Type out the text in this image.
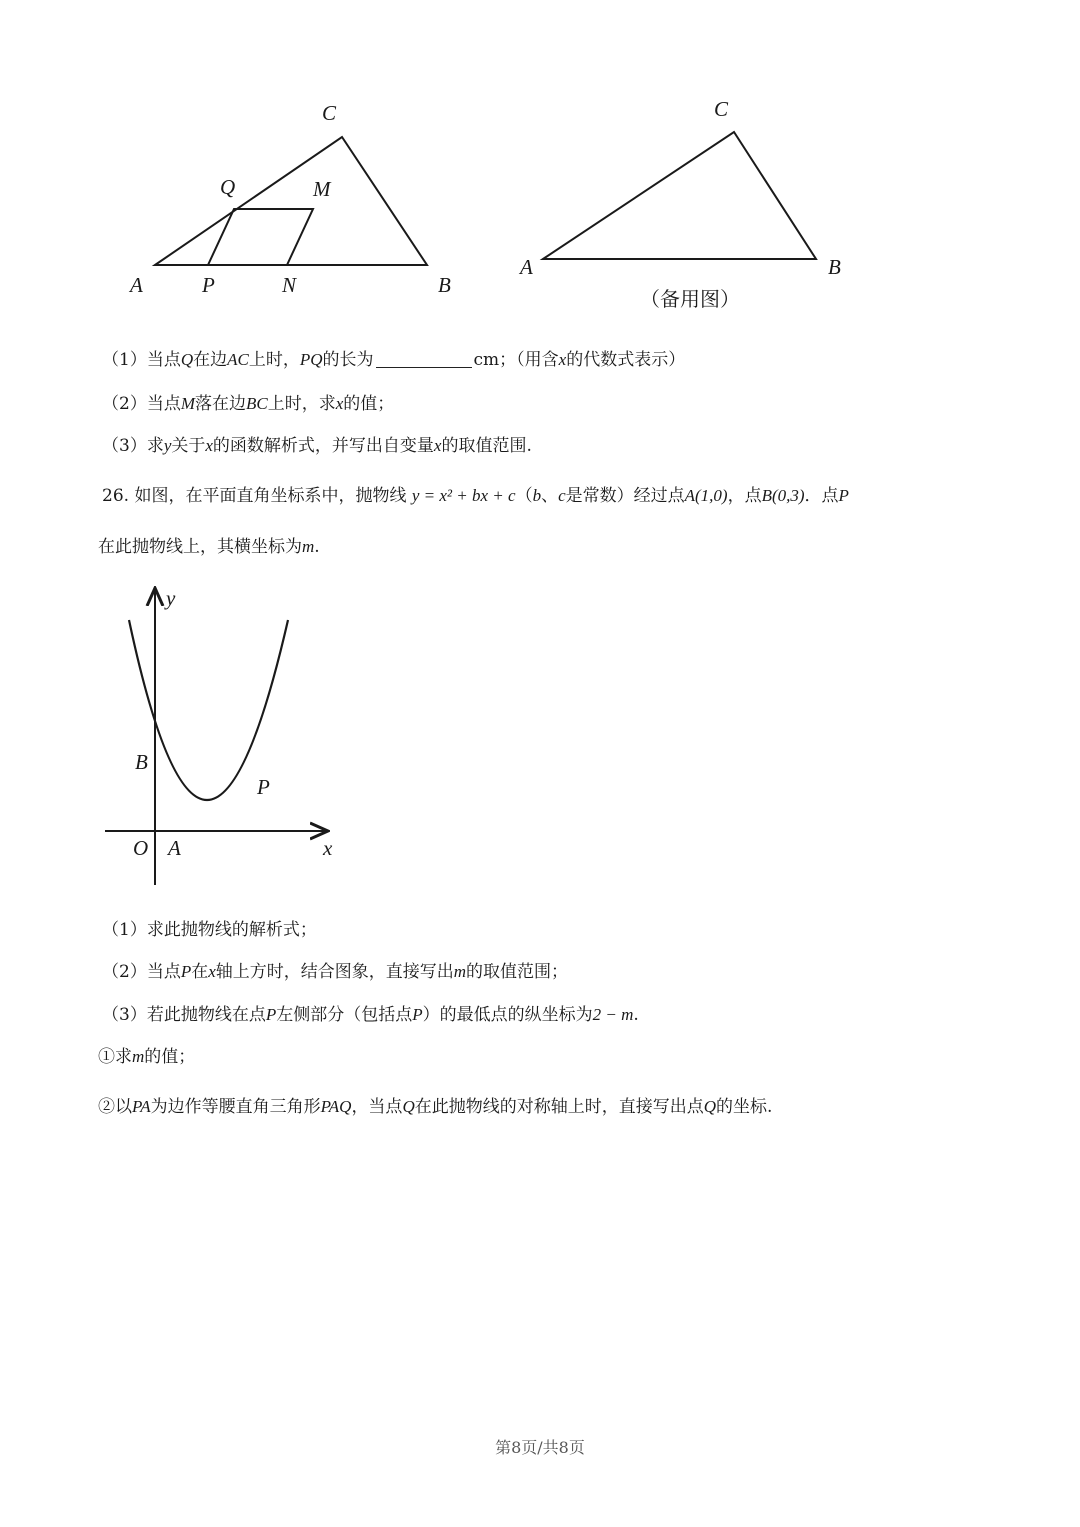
A	P	N	B
C
Q	M
A	B
C
（备用图）
（1）当点Q在边AC上时，PQ的长为	cm；（用含x的代数式表示）
（2）当点M落在边BC上时，求x的值；
（3）求y关于x的函数解析式，并写出自变量x的取值范围.
26. 如图，在平面直角坐标系中，抛物线 y = x² + bx + c（b、c是常数）经过点A(1,0)，点B(0,3)．点P
在此抛物线上，其横坐标为m.
y
x
O A
B
P
（1）求此抛物线的解析式；
（2）当点P在x轴上方时，结合图象，直接写出m的取值范围；
（3）若此抛物线在点P左侧部分（包括点P）的最低点的纵坐标为2 − m.
①求m的值；
②以PA为边作等腰直角三角形PAQ，当点Q在此抛物线的对称轴上时，直接写出点Q的坐标.
第8页/共8页
